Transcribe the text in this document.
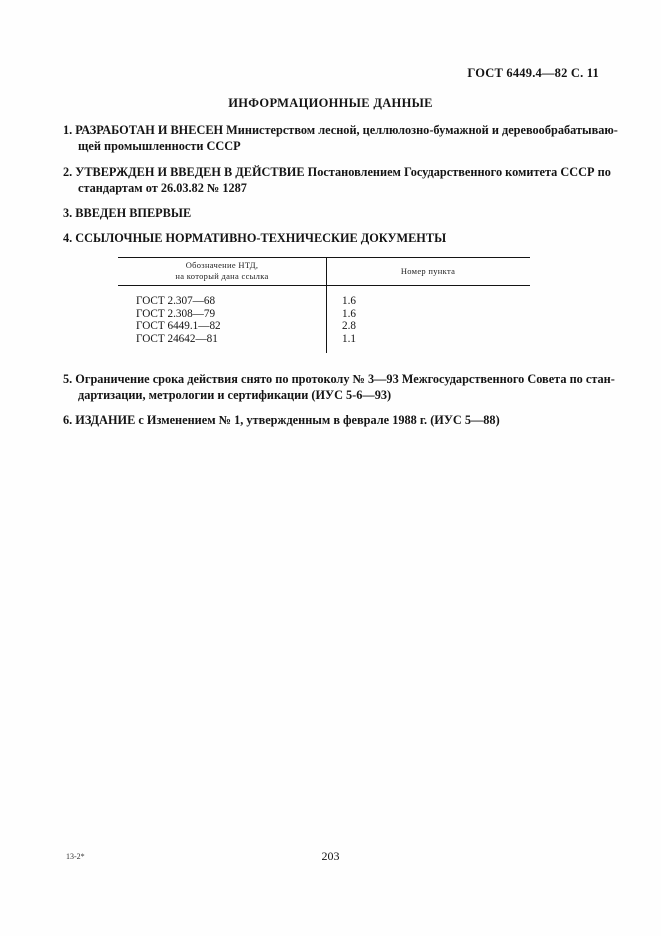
ГОСТ 6449.4—82 С. 11
ИНФОРМАЦИОННЫЕ ДАННЫЕ
1. РАЗРАБОТАН И ВНЕСЕН Министерством лесной, целлюлозно-бумажной и деревообрабатываю-
щей промышленности СССР
2. УТВЕРЖДЕН И ВВЕДЕН В ДЕЙСТВИЕ Постановлением Государственного комитета СССР по
стандартам от 26.03.82 № 1287
3. ВВЕДЕН ВПЕРВЫЕ
4. ССЫЛОЧНЫЕ НОРМАТИВНО-ТЕХНИЧЕСКИЕ ДОКУМЕНТЫ
Обозначение НТД,
на который дана ссылка	Номер пункта
ГОСТ 2.307—68	1.6
ГОСТ 2.308—79	1.6
ГОСТ 6449.1—82	2.8
ГОСТ 24642—81	1.1
5. Ограничение срока действия снято по протоколу № 3—93 Межгосударственного Совета по стан-
дартизации, метрологии и сертификации (ИУС 5-6—93)
6. ИЗДАНИЕ с Изменением № 1, утвержденным в феврале 1988 г. (ИУС 5—88)
13-2*	203
